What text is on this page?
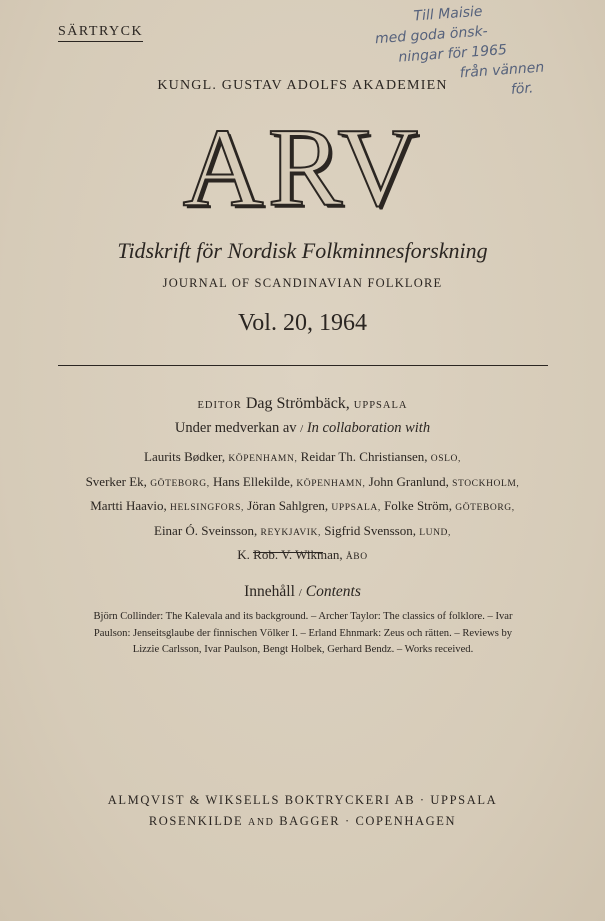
SÄRTRYCK
Till Maisie
med goda önsk-
ningar för 1965
från vännen
för.
KUNGL. GUSTAV ADOLFS AKADEMIEN
ARV
Tidskrift för Nordisk Folkminnesforskning
JOURNAL OF SCANDINAVIAN FOLKLORE
Vol. 20, 1964
EDITOR Dag Strömbäck, UPPSALA
Under medverkan av / In collaboration with
Laurits Bødker, KÖPENHAMN, Reidar Th. Christiansen, OSLO,
Sverker Ek, GÖTEBORG, Hans Ellekilde, KÖPENHAMN, John Granlund, STOCKHOLM,
Martti Haavio, HELSINGFORS, Jöran Sahlgren, UPPSALA, Folke Ström, GÖTEBORG,
Einar Ó. Sveinsson, REYKJAVIK, Sigfrid Svensson, LUND,
K. Rob. V. Wikman, ÅBO
Innehåll / Contents
Björn Collinder: The Kalevala and its background. – Archer Taylor: The classics of folklore. – Ivar
Paulson: Jenseitsglaube der finnischen Völker I. – Erland Ehnmark: Zeus och rätten. – Reviews by
Lizzie Carlsson, Ivar Paulson, Bengt Holbek, Gerhard Bendz. – Works received.
ALMQVIST & WIKSELLS BOKTRYCKERI AB · UPPSALA
ROSENKILDE AND BAGGER · COPENHAGEN
